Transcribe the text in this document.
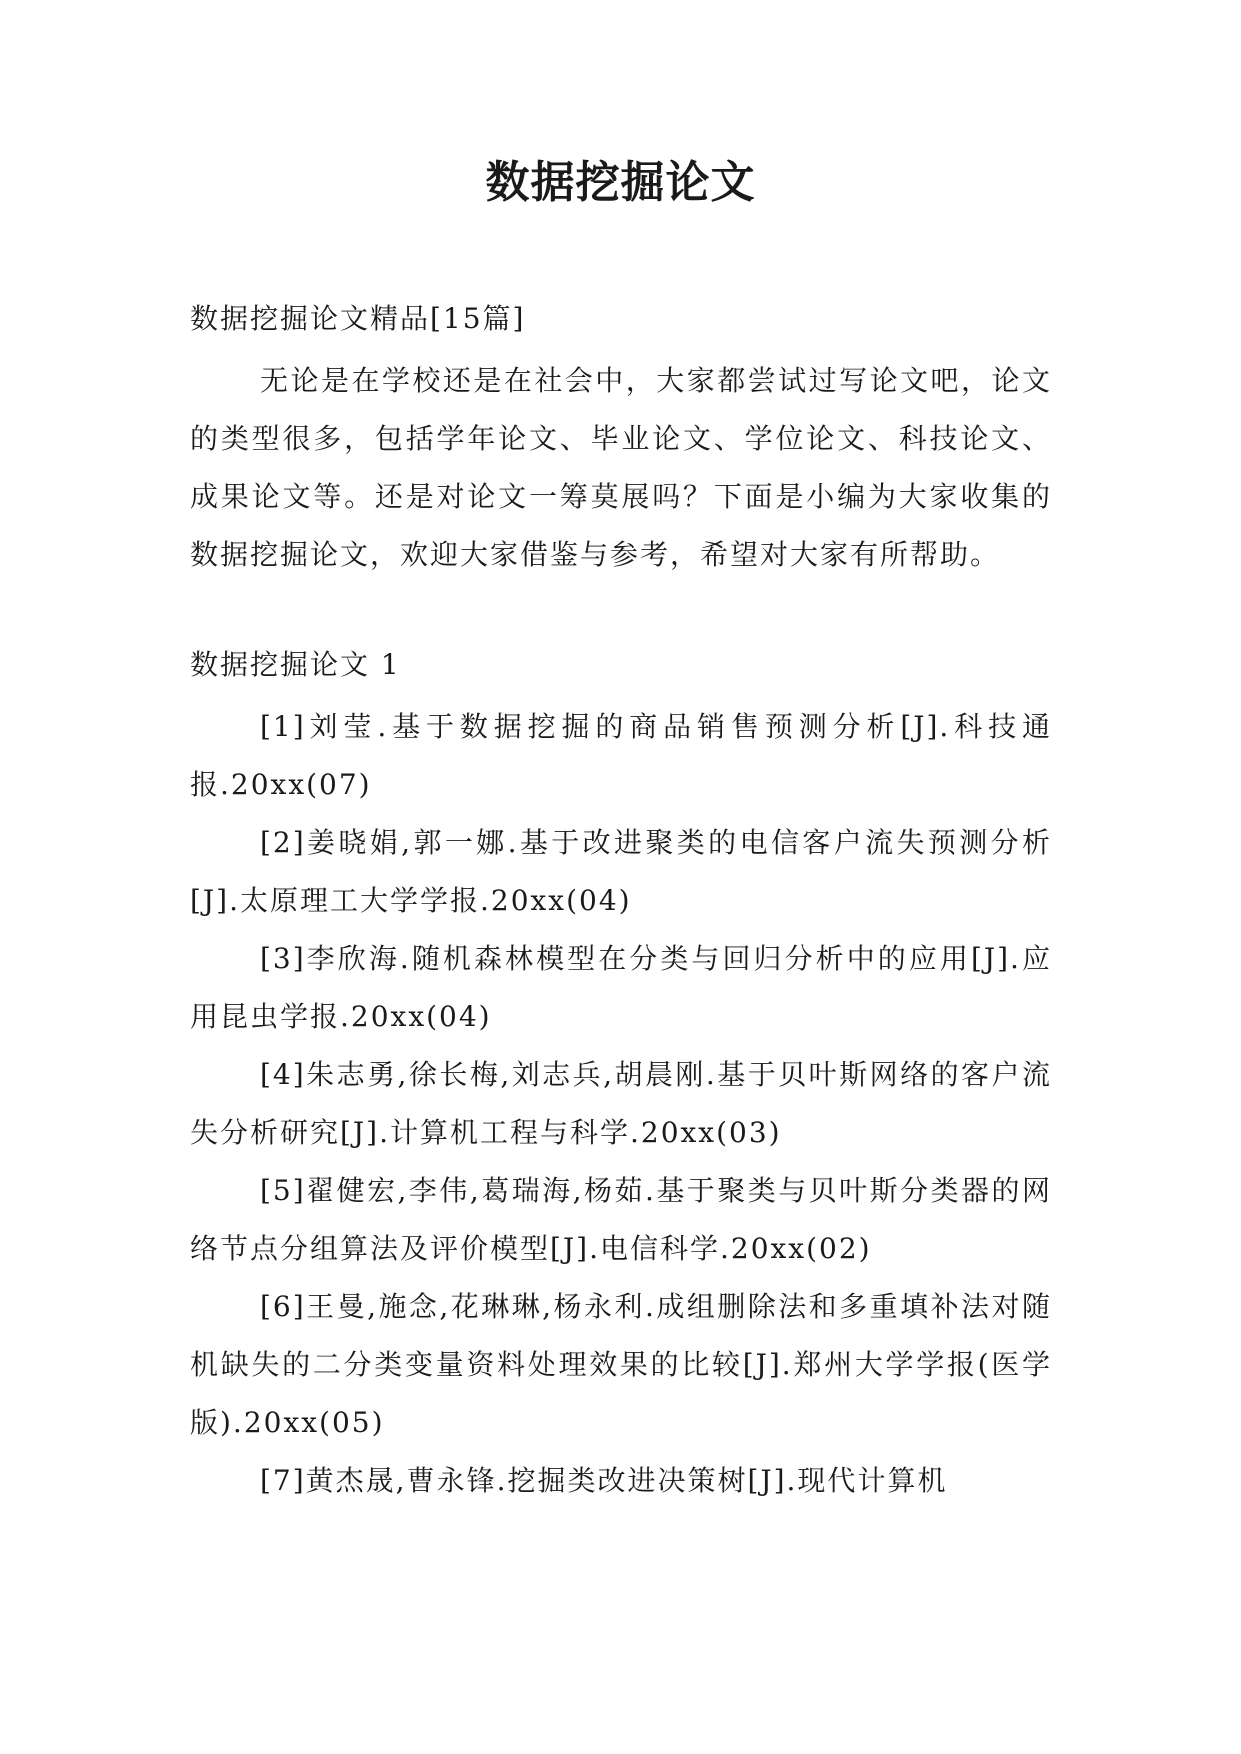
数据挖掘论文

数据挖掘论文精品[15篇]

无论是在学校还是在社会中，大家都尝试过写论文吧，论文的类型很多，包括学年论文、毕业论文、学位论文、科技论文、成果论文等。还是对论文一筹莫展吗？下面是小编为大家收集的数据挖掘论文，欢迎大家借鉴与参考，希望对大家有所帮助。

数据挖掘论文 1

[1]刘莹.基于数据挖掘的商品销售预测分析[J].科技通报.20xx(07)

[2]姜晓娟,郭一娜.基于改进聚类的电信客户流失预测分析[J].太原理工大学学报.20xx(04)

[3]李欣海.随机森林模型在分类与回归分析中的应用[J].应用昆虫学报.20xx(04)

[4]朱志勇,徐长梅,刘志兵,胡晨刚.基于贝叶斯网络的客户流失分析研究[J].计算机工程与科学.20xx(03)

[5]翟健宏,李伟,葛瑞海,杨茹.基于聚类与贝叶斯分类器的网络节点分组算法及评价模型[J].电信科学.20xx(02)

[6]王曼,施念,花琳琳,杨永利.成组删除法和多重填补法对随机缺失的二分类变量资料处理效果的比较[J].郑州大学学报(医学版).20xx(05)

[7]黄杰晟,曹永锋.挖掘类改进决策树[J].现代计算机
